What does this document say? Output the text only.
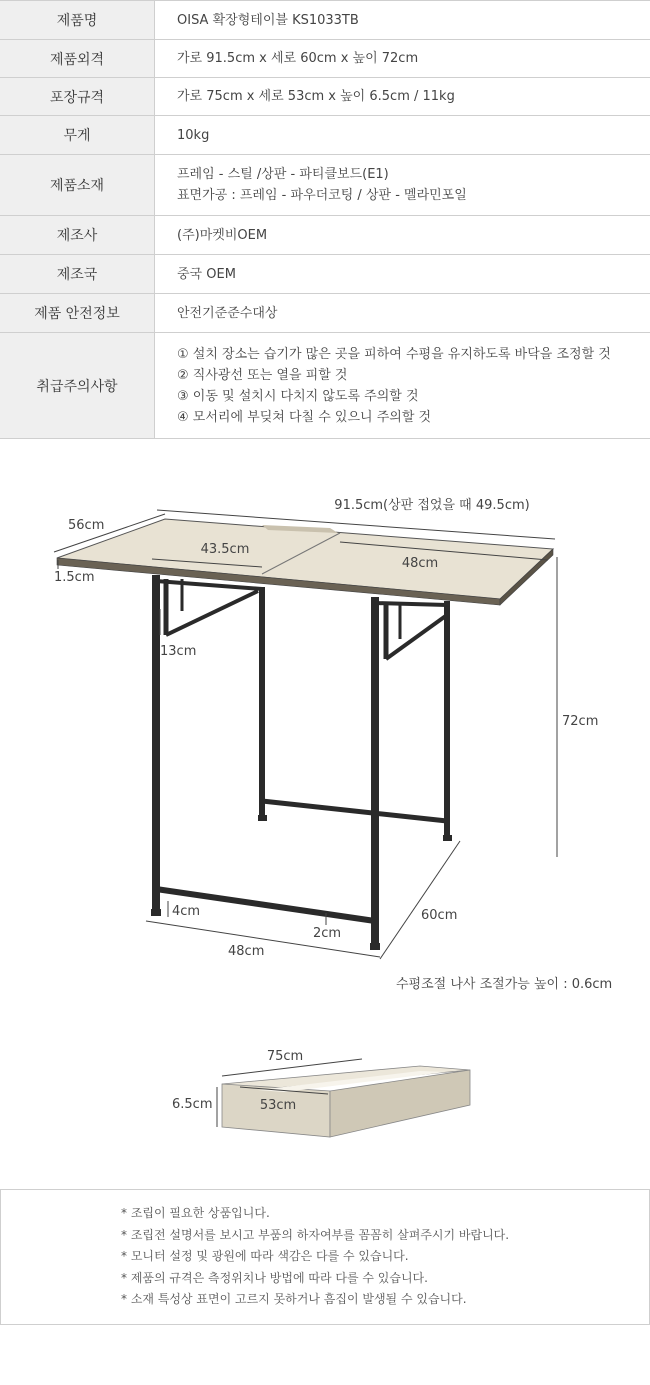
제품명	OISA 확장형테이블 KS1033TB

제품외격	가로 91.5cm x 세로 60cm x 높이 72cm

포장규격	가로 75cm x 세로 53cm x 높이 6.5cm / 11kg

무게	10kg

제품소재	프레임 - 스틸 /상판 - 파티클보드(E1)
표면가공 : 프레임 - 파우더코팅 / 상판 - 멜라민포일

제조사	(주)마켓비OEM

제조국	중국 OEM

제품 안전정보	안전기준준수대상

취급주의사항	① 설치 장소는 습기가 많은 곳을 피하여 수평을 유지하도록 바닥을 조정할 것
② 직사광선 또는 열을 피할 것
③ 이동 및 설치시 다치지 않도록 주의할 것
④ 모서리에 부딪쳐 다칠 수 있으니 주의할 것
91.5cm(상판 접었을 때 49.5cm)
56cm
1.5cm
43.5cm
48cm
13cm
72cm
4cm
2cm
60cm
48cm
수평조절 나사 조절가능 높이 : 0.6cm
75cm
6.5cm	53cm
* 조립이 필요한 상품입니다.
* 조립전 설명서를 보시고 부품의 하자여부를 꼼꼼히 살펴주시기 바랍니다.
* 모니터 설정 및 광원에 따라 색감은 다를 수 있습니다.
* 제품의 규격은 측정위치나 방법에 따라 다를 수 있습니다.
* 소재 특성상 표면이 고르지 못하거나 흠집이 발생될 수 있습니다.
